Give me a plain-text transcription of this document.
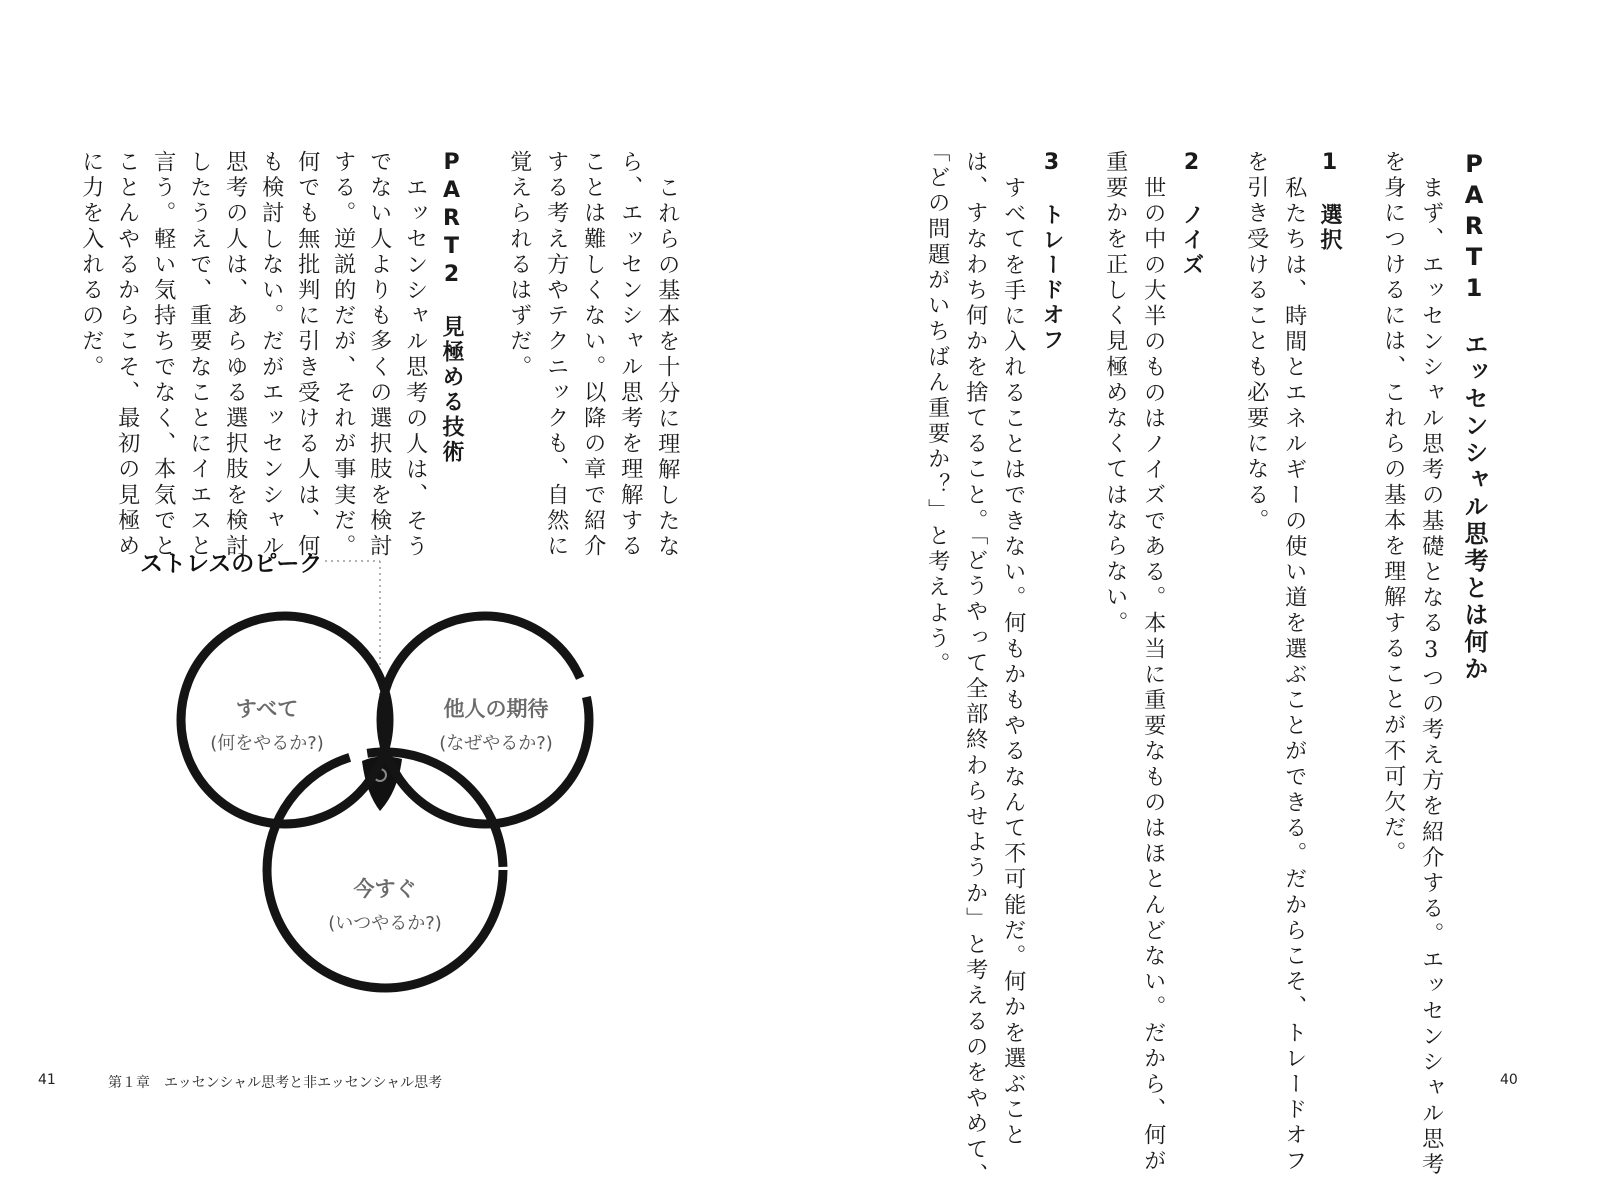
PART1　エッセンシャル思考とは何か
まず、エッセンシャル思考の基礎となる3つの考え方を紹介する。エッセンシャル思考
を身につけるには、これらの基本を理解することが不可欠だ。
1　選択
私たちは、時間とエネルギーの使い道を選ぶことができる。だからこそ、トレードオフ
を引き受けることも必要になる。
2　ノイズ
世の中の大半のものはノイズである。本当に重要なものはほとんどない。だから、何が
重要かを正しく見極めなくてはならない。
3　トレードオフ
すべてを手に入れることはできない。何もかもやるなんて不可能だ。何かを選ぶこと
は、すなわち何かを捨てること。「どうやって全部終わらせようか」と考えるのをやめて、
「どの問題がいちばん重要か？」と考えよう。
40
これらの基本を十分に理解したな
ら、エッセンシャル思考を理解する
ことは難しくない。以降の章で紹介
する考え方やテクニックも、自然に
覚えられるはずだ。
PART2　見極める技術
エッセンシャル思考の人は、そう
でない人よりも多くの選択肢を検討
する。逆説的だが、それが事実だ。
何でも無批判に引き受ける人は、何
も検討しない。だがエッセンシャル
思考の人は、あらゆる選択肢を検討
したうえで、重要なことにイエスと
言う。軽い気持ちでなく、本気でと
ことんやるからこそ、最初の見極め
に力を入れるのだ。
ストレスのピーク
すべて
(何をやるか?)
他人の期待
(なぜやるか?)
今すぐ
(いつやるか?)
41	第１章　エッセンシャル思考と非エッセンシャル思考
